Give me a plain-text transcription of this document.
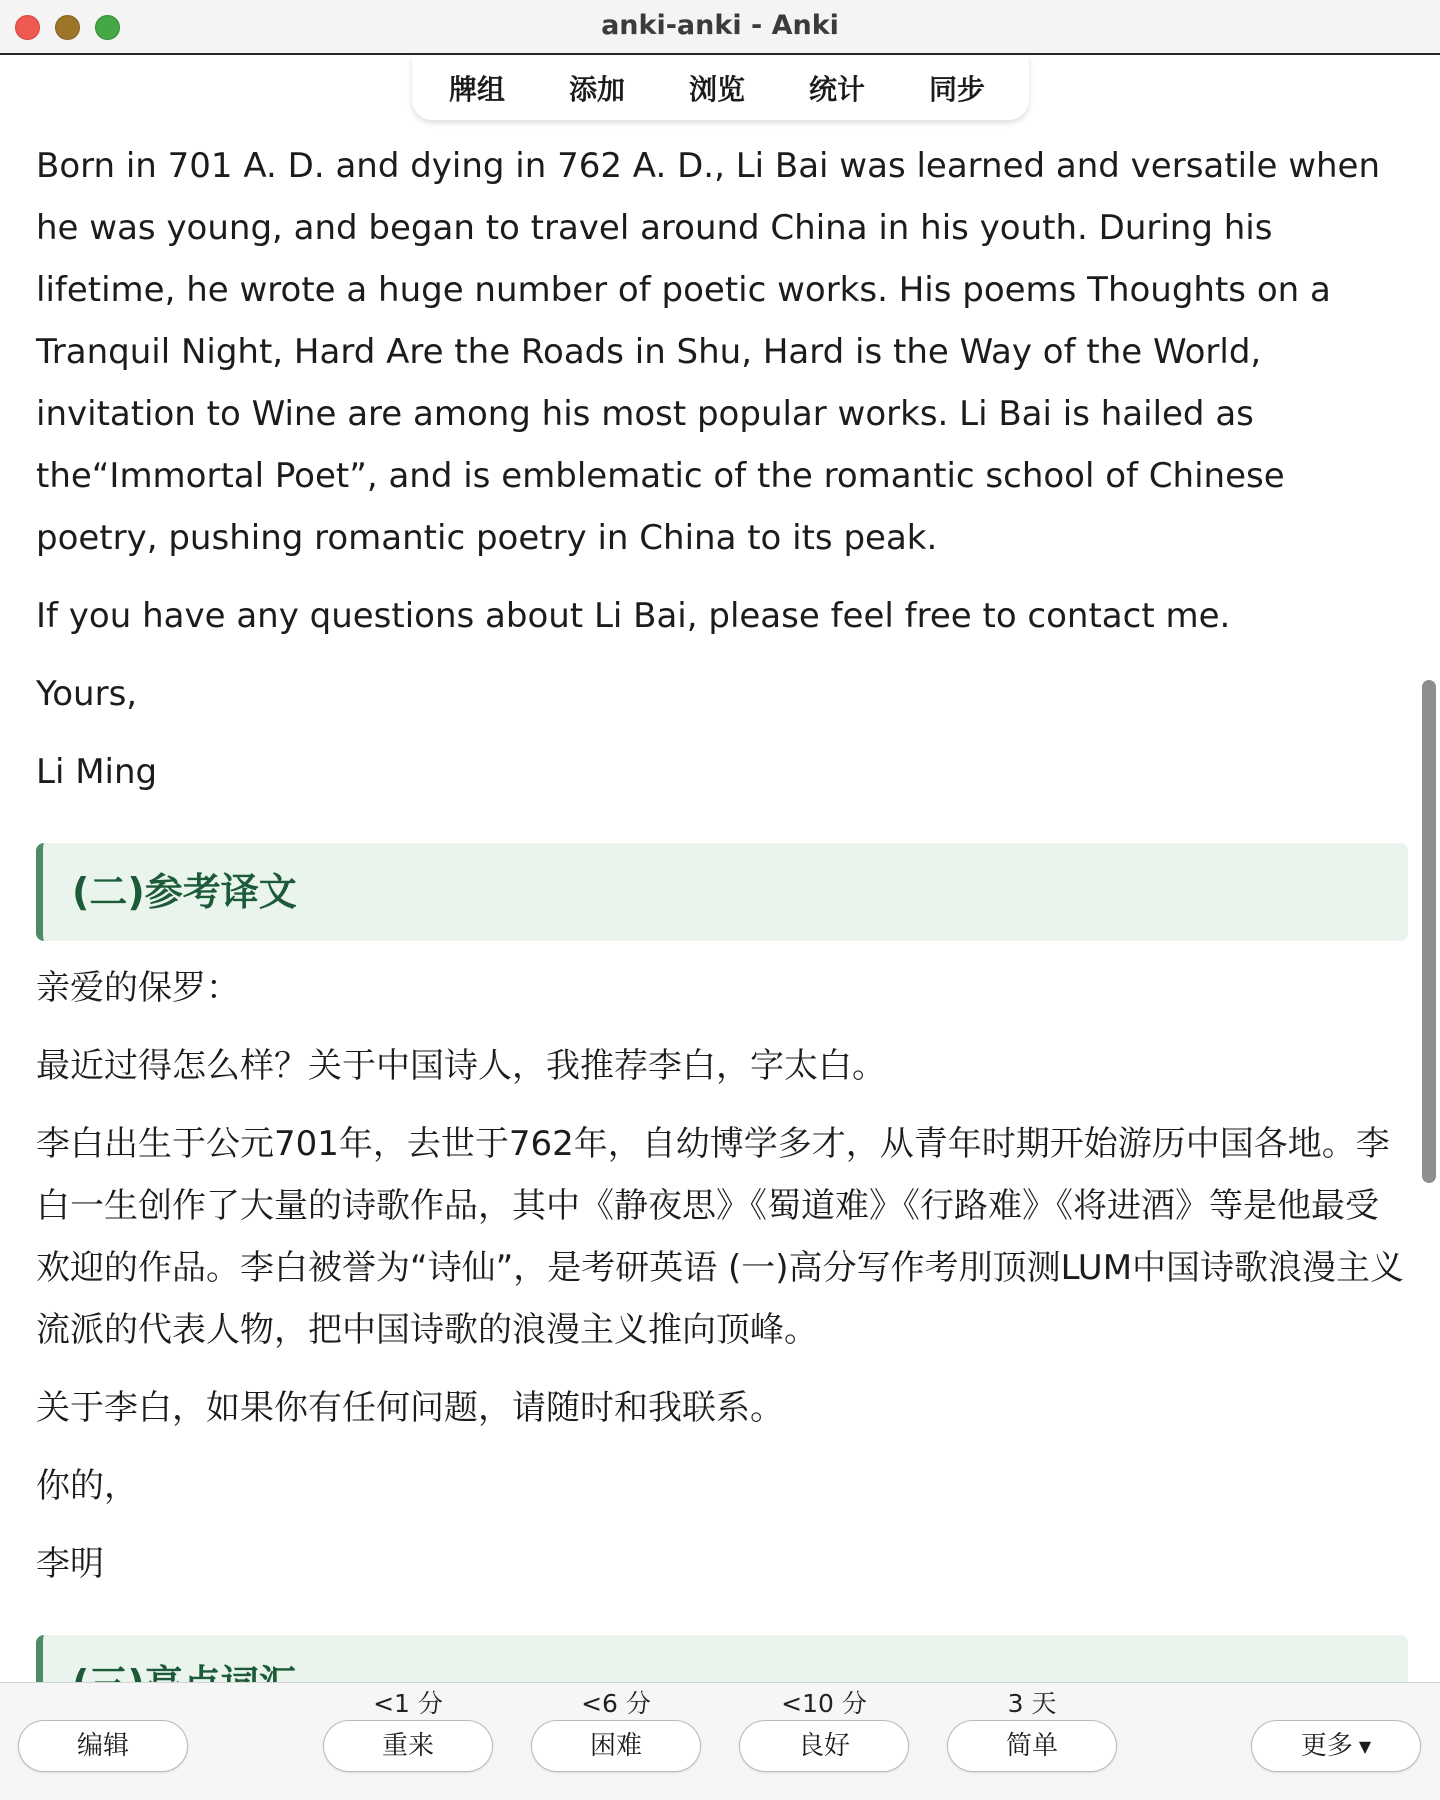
anki-anki - Anki
牌组 添加 浏览 统计 同步

Born in 701 A. D. and dying in 762 A. D., Li Bai was learned and versatile when he was young, and began to travel around China in his youth. During his lifetime, he wrote a huge number of poetic works. His poems Thoughts on a Tranquil Night, Hard Are the Roads in Shu, Hard is the Way of the World, invitation to Wine are among his most popular works. Li Bai is hailed as the“Immortal Poet”, and is emblematic of the romantic school of Chinese poetry, pushing romantic poetry in China to its peak.

If you have any questions about Li Bai, please feel free to contact me.

Yours,

Li Ming

(二)参考译文

亲爱的保罗：

最近过得怎么样？关于中国诗人，我推荐李白，字太白。

李白出生于公元701年，去世于762年，自幼博学多才，从青年时期开始游历中国各地。李白一生创作了大量的诗歌作品，其中《静夜思》《蜀道难》《行路难》《将进酒》等是他最受欢迎的作品。李白被誉为“诗仙”，是考研英语 (一)高分写作考刖顶测LUM中国诗歌浪漫主义流派的代表人物，把中国诗歌的浪漫主义推向顶峰。

关于李白，如果你有任何问题，请随时和我联系。

你的，

李明

编辑
<1 分
重来
<6 分
困难
<10 分
良好
3 天
简单	更多 ▼
